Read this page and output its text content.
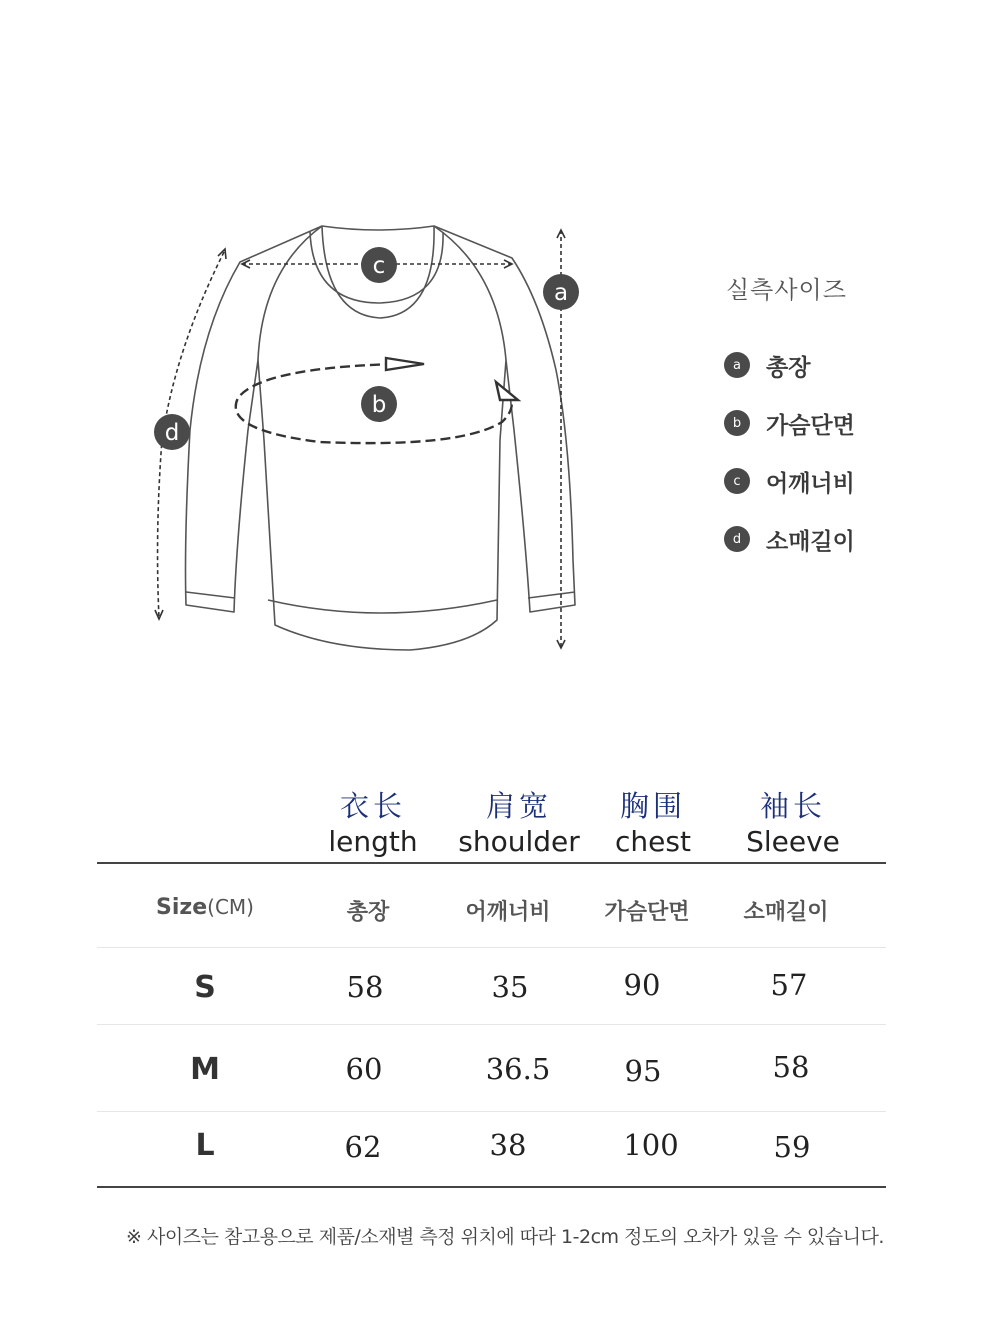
c
a
b
d
실측사이즈
a	총장
b	가슴단면
c	어깨너비
d	소매길이
衣长
length
肩宽
shoulder
胸围
chest
袖长
Sleeve
Size(CM)	총장	어깨너비	가슴단면	소매길이
S	58	35	90	57
M	60	36.5	95	58
L	62	38	100	59
※ 사이즈는 참고용으로 제품/소재별 측정 위치에 따라 1-2cm 정도의 오차가 있을 수 있습니다.
